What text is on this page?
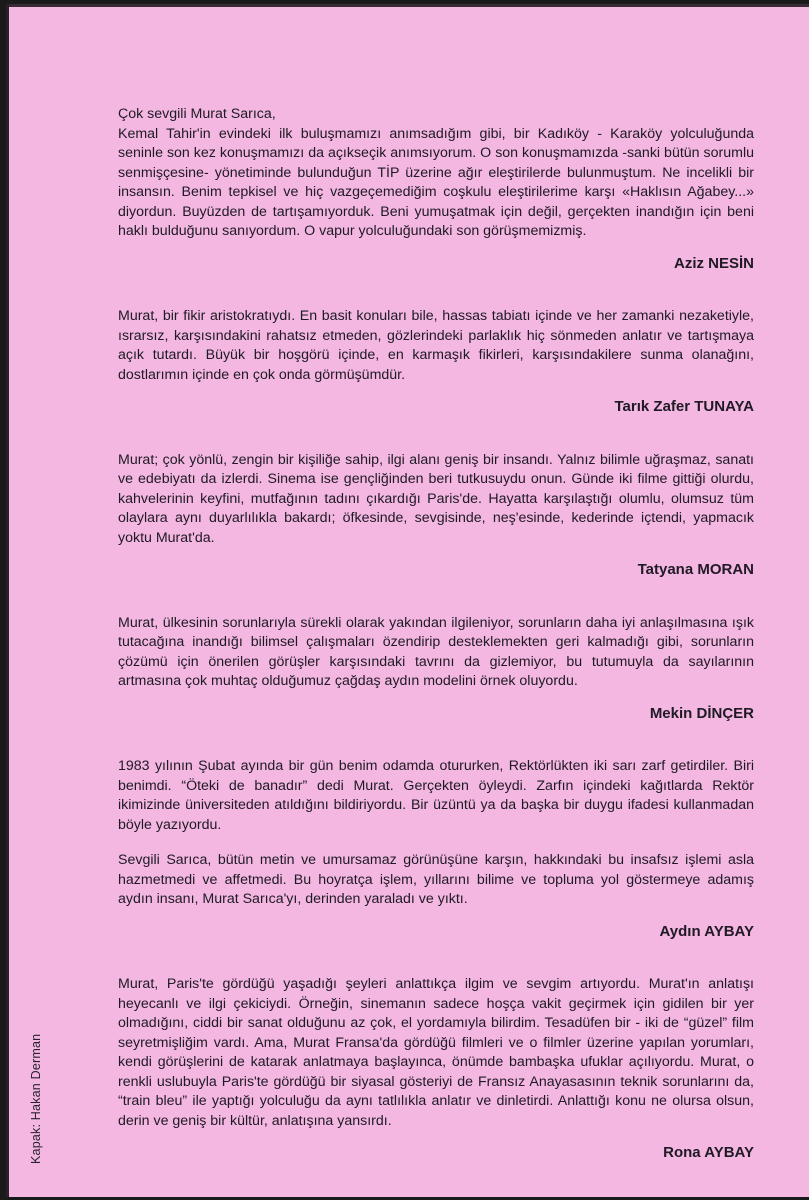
Çok sevgili Murat Sarıca,
Kemal Tahir'in evindeki ilk buluşmamızı anımsadığım gibi, bir Kadıköy - Karaköy yolculuğunda seninle son kez konuşmamızı da açıkseçik anımsıyorum. O son konuşmamızda -sanki bütün sorumlu senmişçesine- yönetiminde bulunduğun TİP üzerine ağır eleştirilerde bulunmuştum. Ne incelikli bir insansın. Benim tepkisel ve hiç vazgeçemediğim coşkulu eleştirilerime karşı «Haklısın Ağabey...» diyordun. Buyüzden de tartışamıyorduk. Beni yumuşatmak için değil, gerçekten inandığın için beni haklı bulduğunu sanıyordum. O vapur yolculuğundaki son görüşmemizmiş.

Aziz NESİN

Murat, bir fikir aristokratıydı. En basit konuları bile, hassas tabiatı içinde ve her zamanki nezaketiyle, ısrarsız, karşısındakini rahatsız etmeden, gözlerindeki parlaklık hiç sönmeden anlatır ve tartışmaya açık tutardı. Büyük bir hoşgörü içinde, en karmaşık fikirleri, karşısındakilere sunma olanağını, dostlarımın içinde en çok onda görmüşümdür.

Tarık Zafer TUNAYA

Murat; çok yönlü, zengin bir kişiliğe sahip, ilgi alanı geniş bir insandı. Yalnız bilimle uğraşmaz, sanatı ve edebiyatı da izlerdi. Sinema ise gençliğinden beri tutkusuydu onun. Günde iki filme gittiği olurdu, kahvelerinin keyfini, mutfağının tadını çıkardığı Paris'de. Hayatta karşılaştığı olumlu, olumsuz tüm olaylara aynı duyarlılıkla bakardı; öfkesinde, sevgisinde, neş'esinde, kederinde içtendi, yapmacık yoktu Murat'da.

Tatyana MORAN

Murat, ülkesinin sorunlarıyla sürekli olarak yakından ilgileniyor, sorunların daha iyi anlaşılmasına ışık tutacağına inandığı bilimsel çalışmaları özendirip desteklemekten geri kalmadığı gibi, sorunların çözümü için önerilen görüşler karşısındaki tavrını da gizlemiyor, bu tutumuyla da sayılarının artmasına çok muhtaç olduğumuz çağdaş aydın modelini örnek oluyordu.

Mekin DİNÇER

1983 yılının Şubat ayında bir gün benim odamda otururken, Rektörlükten iki sarı zarf getirdiler. Biri benimdi. “Öteki de banadır” dedi Murat. Gerçekten öyleydi. Zarfın içindeki kağıtlarda Rektör ikimizinde üniversiteden atıldığını bildiriyordu. Bir üzüntü ya da başka bir duygu ifadesi kullanmadan böyle yazıyordu.

Sevgili Sarıca, bütün metin ve umursamaz görünüşüne karşın, hakkındaki bu insafsız işlemi asla hazmetmedi ve affetmedi. Bu hoyratça işlem, yıllarını bilime ve topluma yol göstermeye adamış aydın insanı, Murat Sarıca'yı, derinden yaraladı ve yıktı.

Aydın AYBAY

Murat, Paris'te gördüğü yaşadığı şeyleri anlattıkça ilgim ve sevgim artıyordu. Murat'ın anlatışı heyecanlı ve ilgi çekiciydi. Örneğin, sinemanın sadece hoşça vakit geçirmek için gidilen bir yer olmadığını, ciddi bir sanat olduğunu az çok, el yordamıyla bilirdim. Tesadüfen bir - iki de “güzel” film seyretmişliğim vardı. Ama, Murat Fransa'da gördüğü filmleri ve o filmler üzerine yapılan yorumları, kendi görüşlerini de katarak anlatmaya başlayınca, önümde bambaşka ufuklar açılıyordu. Murat, o renkli uslubuyla Paris'te gördüğü bir siyasal gösteriyi de Fransız Anayasasının teknik sorunlarını da, “train bleu” ile yaptığı yolculuğu da aynı tatlılıkla anlatır ve dinletirdi. Anlattığı konu ne olursa olsun, derin ve geniş bir kültür, anlatışına yansırdı.

Rona AYBAY
Kapak: Hakan Derman
